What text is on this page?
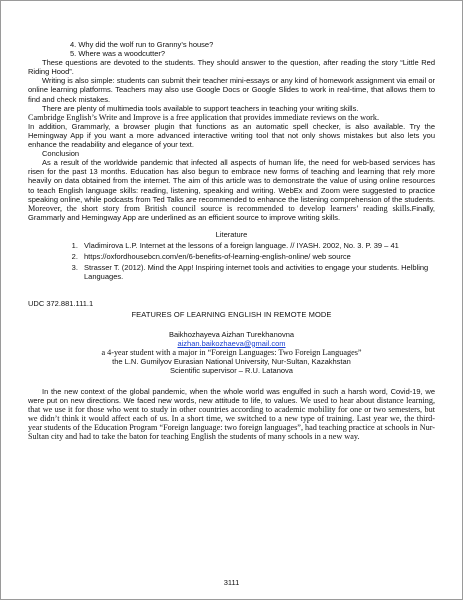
4. Why did the wolf run to Granny’s house?

5. Where was a woodcutter?

These questions are devoted to the students. They should answer to the question, after reading the story “Little Red Riding Hood”.

Writing is also simple: students can submit their teacher mini-essays or any kind of homework assignment via email or online learning platforms. Teachers may also use Google Docs or Google Slides to work in real-time, that allows them to find and check mistakes.

There are plenty of multimedia tools available to support teachers in teaching your writing skills.

Cambridge English’s Write and Improve is a free application that provides immediate reviews on the work.

In addition, Grammarly, a browser plugin that functions as an automatic spell checker, is also available. Try the Hemingway App if you want a more advanced interactive writing tool that not only shows mistakes but also lets you enhance the readability and elegance of your text.

Conclusion

As a result of the worldwide pandemic that infected all aspects of human life, the need for web-based services has risen for the past 13 months. Education has also begun to embrace new forms of teaching and learning that rely more heavily on data obtained from the internet. The aim of this article was to demonstrate the value of using online resources to teach English language skills: reading, listening, speaking and writing. WebEx and Zoom were suggested to practice speaking online, while podcasts from Ted Talks are recommended to enhance the listening comprehension of the students. Moreover, the short story from British council source is recommended to develop learners’ reading skills.Finally, Grammarly and Hemingway App are underlined as an efficient source to improve writing skills.

Literature

1. Vladimirova L.P. Internet at the lessons of a foreign language. // IYASH. 2002, No. 3. P. 39 – 41
2. https://oxfordhousebcn.com/en/6-benefits-of-learning-english-online/ web source
3. Strasser T. (2012). Mind the App! Inspiring internet tools and activities to engage your students. Helbling Languages.

UDC 372.881.111.1

FEATURES OF LEARNING ENGLISH IN REMOTE MODE

Baikhozhayeva Aizhan Turekhanovna

aizhan.baikozhaeva@gmail.com

a 4-year student with a major in “Foreign Languages: Two Foreign Languages”

the L.N. Gumilyov Eurasian National University, Nur-Sultan, Kazakhstan

Scientific supervisor – R.U. Latanova

In the new context of the global pandemic, when the whole world was engulfed in such a harsh word, Covid-19, we were put on new directions. We faced new words, new attitude to life, to values. We used to hear about distance learning, that we use it for those who went to study in other countries according to academic mobility for one or two semesters, but we didn’t think it would affect each of us. In a short time, we switched to a new type of training. Last year we, the third-year students of the Education Program “Foreign language: two foreign languages”, had teaching practice at schools in Nur-Sultan city and had to take the baton for teaching English the students of many schools in a new way.

3111
